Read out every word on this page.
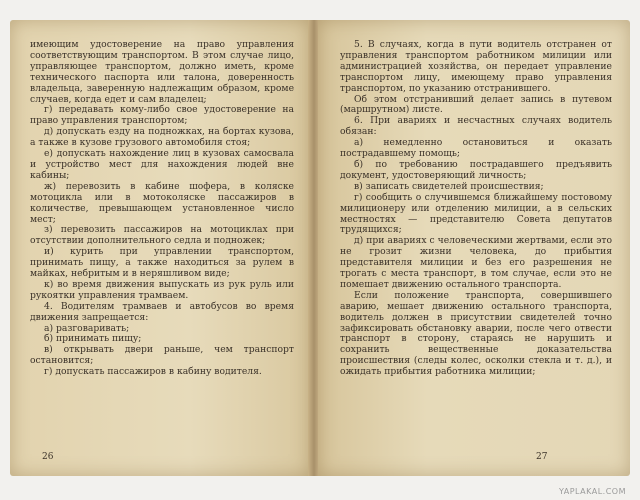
имеющим удостоверение на право управления соответствующим транспортом. В этом случае лицо, управляющее транспортом, должно иметь, кроме технического паспорта или талона, доверенность владельца, заверенную надлежащим образом, кроме случаев, когда едет и сам владелец;

г) передавать кому-либо свое удостоверение на право управления транспортом;

д) допускать езду на подножках, на бортах кузова, а также в кузове грузового автомобиля стоя;

е) допускать нахождение лиц в кузовах самосвала и устройство мест для нахождения людей вне кабины;

ж) перевозить в кабине шофера, в коляске мотоцикла или в мотоколяске пассажиров в количестве, превышающем установленное число мест;

з) перевозить пассажиров на мотоциклах при отсутствии дополнительного седла и подножек;

и) курить при управлении транспортом, принимать пищу, а также находиться за рулем в майках, небритым и в неряшливом виде;

к) во время движения выпускать из рук руль или рукоятки управления трамваем.

4. Водителям трамваев и автобусов во время движения запрещается:

а) разговаривать;

б) принимать пищу;

в) открывать двери раньше, чем транспорт остановится;

г) допускать пассажиров в кабину водителя.

26

5. В случаях, когда в пути водитель отстранен от управления транспортом работником милиции или администрацией хозяйства, он передает управление транспортом лицу, имеющему право управления транспортом, по указанию отстранившего.

Об этом отстранивший делает запись в путевом (маршрутном) листе.

6. При авариях и несчастных случаях водитель обязан:

а) немедленно остановиться и оказать пострадавшему помощь;

б) по требованию пострадавшего предъявить документ, удостоверяющий личность;

в) записать свидетелей происшествия;

г) сообщить о случившемся ближайшему постовому милиционеру или отделению милиции, а в сельских местностях — представителю Совета депутатов трудящихся;

д) при авариях с человеческими жертвами, если это не грозит жизни человека, до прибытия представителя милиции и без его разрешения не трогать с места транспорт, в том случае, если это не помешает движению остального транспорта.

Если положение транспорта, совершившего аварию, мешает движению остального транспорта, водитель должен в присутствии свидетелей точно зафиксировать обстановку аварии, после чего отвести транспорт в сторону, стараясь не нарушить и сохранить вещественные доказательства происшествия (следы колес, осколки стекла и т. д.), и ожидать прибытия работника милиции;

27
YAPLAKAL.COM
